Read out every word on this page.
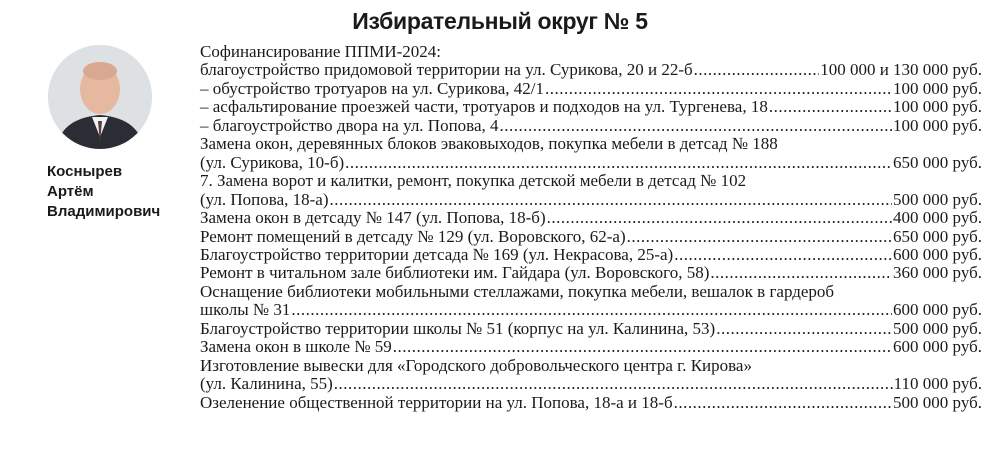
Избирательный округ № 5
Коснырев
Артём
Владимирович
Софинансирование ППМИ-2024:
благоустройство придомовой территории на ул. Сурикова, 20 и 22-б .....	100 000 и 130 000 руб.
– обустройство тротуаров на ул. Сурикова, 42/1 .....	100 000 руб.
– асфальтирование проезжей части, тротуаров и подходов на ул. Тургенева, 18 .....	100 000 руб.
– благоустройство двора на ул. Попова, 4 .....	100 000 руб.
Замена окон, деревянных блоков эваковыходов, покупка мебели в детсад № 188
(ул. Сурикова, 10-б) .....	650 000 руб.
7. Замена ворот и калитки, ремонт, покупка детской мебели в детсад № 102
(ул. Попова, 18-а) .....	500 000 руб.
Замена окон в детсаду № 147 (ул. Попова, 18-б) .....	400 000 руб.
Ремонт помещений в детсаду № 129 (ул. Воровского, 62-а) .....	650 000 руб.
Благоустройство территории детсада № 169 (ул. Некрасова, 25-а) .....	600 000 руб.
Ремонт в читальном зале библиотеки им. Гайдара (ул. Воровского, 58) .....	360 000 руб.
Оснащение библиотеки мобильными стеллажами, покупка мебели, вешалок в гардероб
школы № 31 .....	600 000 руб.
Благоустройство территории школы № 51 (корпус на ул. Калинина, 53) .....	500 000 руб.
Замена окон в школе № 59 .....	600 000 руб.
Изготовление вывески для «Городского добровольческого центра г. Кирова»
(ул. Калинина, 55) .....	110 000 руб.
Озеленение общественной территории на ул. Попова, 18-а и 18-б .....	500 000 руб.
